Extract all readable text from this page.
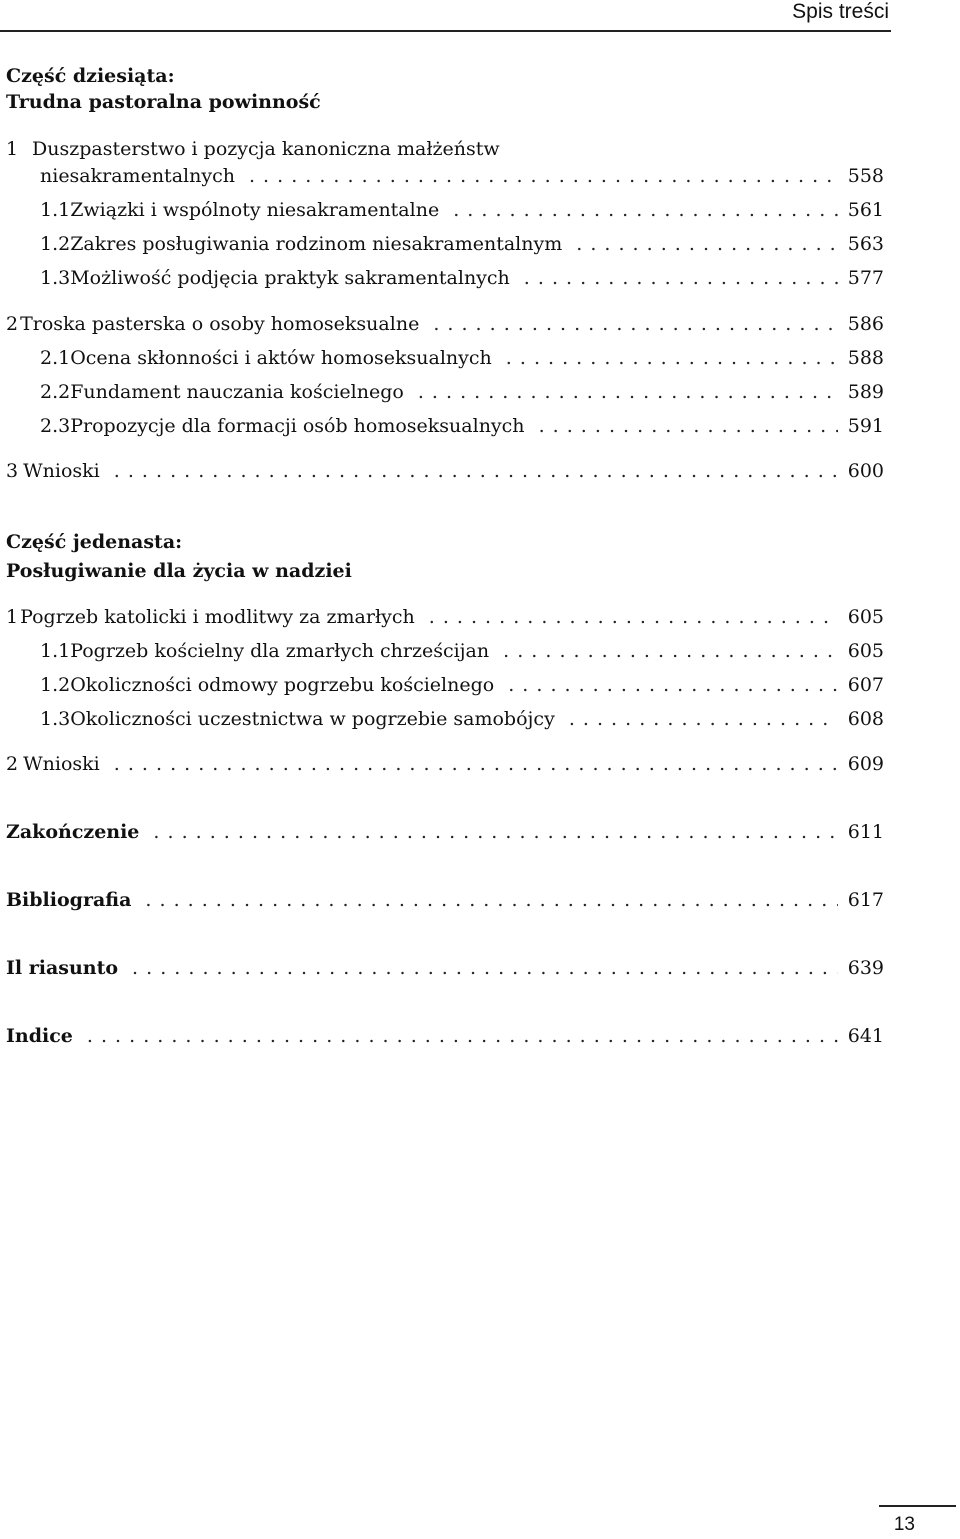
Spis treści
Część dziesiąta:
Trudna pastoralna powinność
1 Duszpasterstwo i pozycja kanoniczna małżeństw
niesakramentalnych . . .	558
1.1 Związki i wspólnoty niesakramentalne . . .	561
1.2 Zakres posługiwania rodzinom niesakramentalnym . . .	563
1.3 Możliwość podjęcia praktyk sakramentalnych . . .	577
2 Troska pasterska o osoby homoseksualne . . .	586
2.1 Ocena skłonności i aktów homoseksualnych . . .	588
2.2 Fundament nauczania kościelnego . . .	589
2.3 Propozycje dla formacji osób homoseksualnych . . .	591
3 Wnioski . . .	600
Część jedenasta:
Posługiwanie dla życia w nadziei
1 Pogrzeb katolicki i modlitwy za zmarłych . . .	605
1.1 Pogrzeb kościelny dla zmarłych chrześcijan . . .	605
1.2 Okoliczności odmowy pogrzebu kościelnego . . .	607
1.3 Okoliczności uczestnictwa w pogrzebie samobójcy . . .	608
2 Wnioski . . .	609
Zakończenie . . .	611
Bibliografia . . .	617
Il riasunto . . .	639
Indice . . .	641
13
